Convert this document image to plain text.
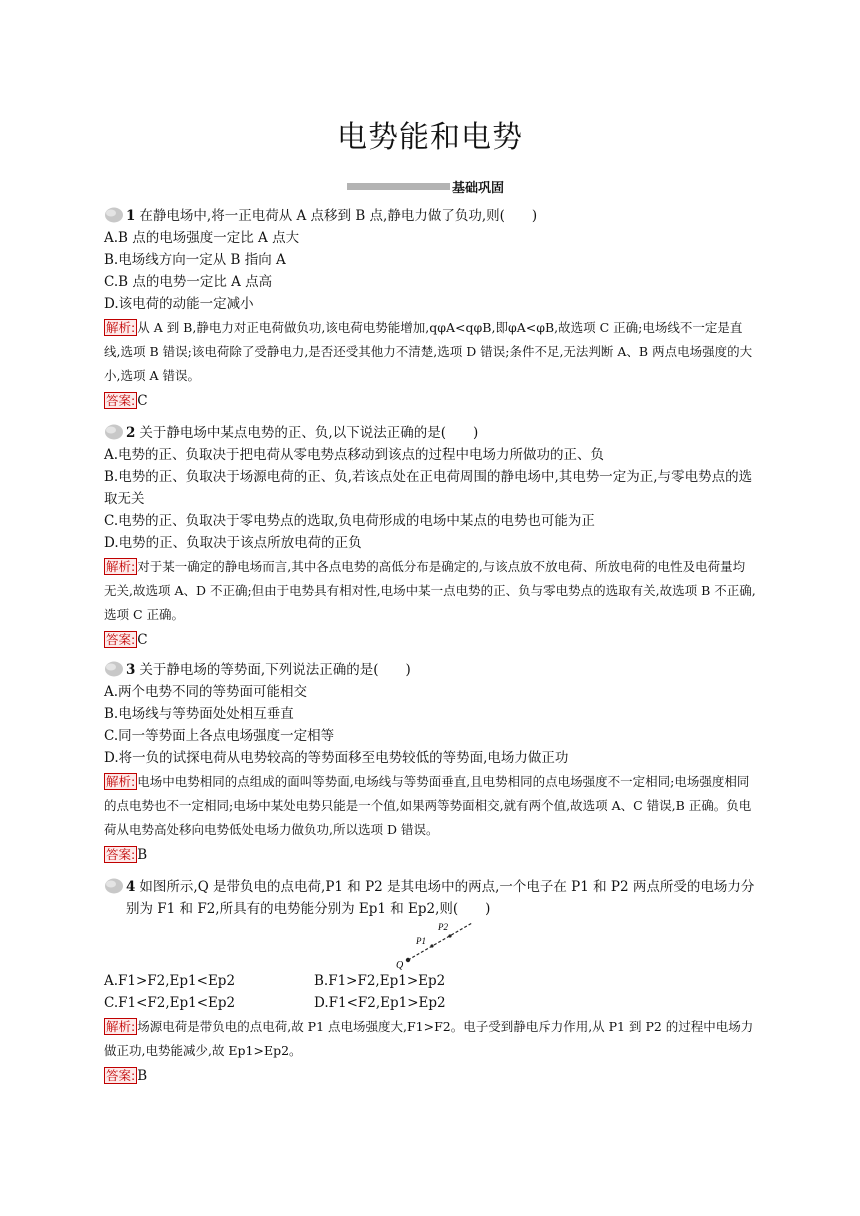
电势能和电势
基础巩固
1 在静电场中,将一正电荷从 A 点移到 B 点,静电力做了负功,则(　　)
A.B 点的电场强度一定比 A 点大
B.电场线方向一定从 B 指向 A
C.B 点的电势一定比 A 点高
D.该电荷的动能一定减小
解析: 从 A 到 B,静电力对正电荷做负功,该电荷电势能增加,qφA<qφB,即φA<φB,故选项 C 正确;电场线不一定是直线,选项 B 错误;该电荷除了受静电力,是否还受其他力不清楚,选项 D 错误;条件不足,无法判断 A、B 两点电场强度的大小,选项 A 错误。
答案: C
2 关于静电场中某点电势的正、负,以下说法正确的是(　　)
A.电势的正、负取决于把电荷从零电势点移动到该点的过程中电场力所做功的正、负
B.电势的正、负取决于场源电荷的正、负,若该点处在正电荷周围的静电场中,其电势一定为正,与零电势点的选取无关
C.电势的正、负取决于零电势点的选取,负电荷形成的电场中某点的电势也可能为正
D.电势的正、负取决于该点所放电荷的正负
解析: 对于某一确定的静电场而言,其中各点电势的高低分布是确定的,与该点放不放电荷、所放电荷的电性及电荷量均无关,故选项 A、D 不正确;但由于电势具有相对性,电场中某一点电势的正、负与零电势点的选取有关,故选项 B 不正确,选项 C 正确。
答案: C
3 关于静电场的等势面,下列说法正确的是(　　)
A.两个电势不同的等势面可能相交
B.电场线与等势面处处相互垂直
C.同一等势面上各点电场强度一定相等
D.将一负的试探电荷从电势较高的等势面移至电势较低的等势面,电场力做正功
解析: 电场中电势相同的点组成的面叫等势面,电场线与等势面垂直,且电势相同的点电场强度不一定相同;电场强度相同的点电势也不一定相同;电场中某处电势只能是一个值,如果两等势面相交,就有两个值,故选项 A、C 错误,B 正确。负电荷从电势高处移向电势低处电场力做负功,所以选项 D 错误。
答案: B
4 如图所示,Q 是带负电的点电荷,P1 和 P2 是其电场中的两点,一个电子在 P1 和 P2 两点所受的电场力分别为 F1 和 F2,所具有的电势能分别为 Ep1 和 Ep2,则(　　)
Q
P1
P2
A.F1>F2,Ep1<Ep2	B.F1>F2,Ep1>Ep2
C.F1<F2,Ep1<Ep2	D.F1<F2,Ep1>Ep2
解析: 场源电荷是带负电的点电荷,故 P1 点电场强度大,F1>F2。电子受到静电斥力作用,从 P1 到 P2 的过程中电场力做正功,电势能减少,故 Ep1>Ep2。
答案: B
